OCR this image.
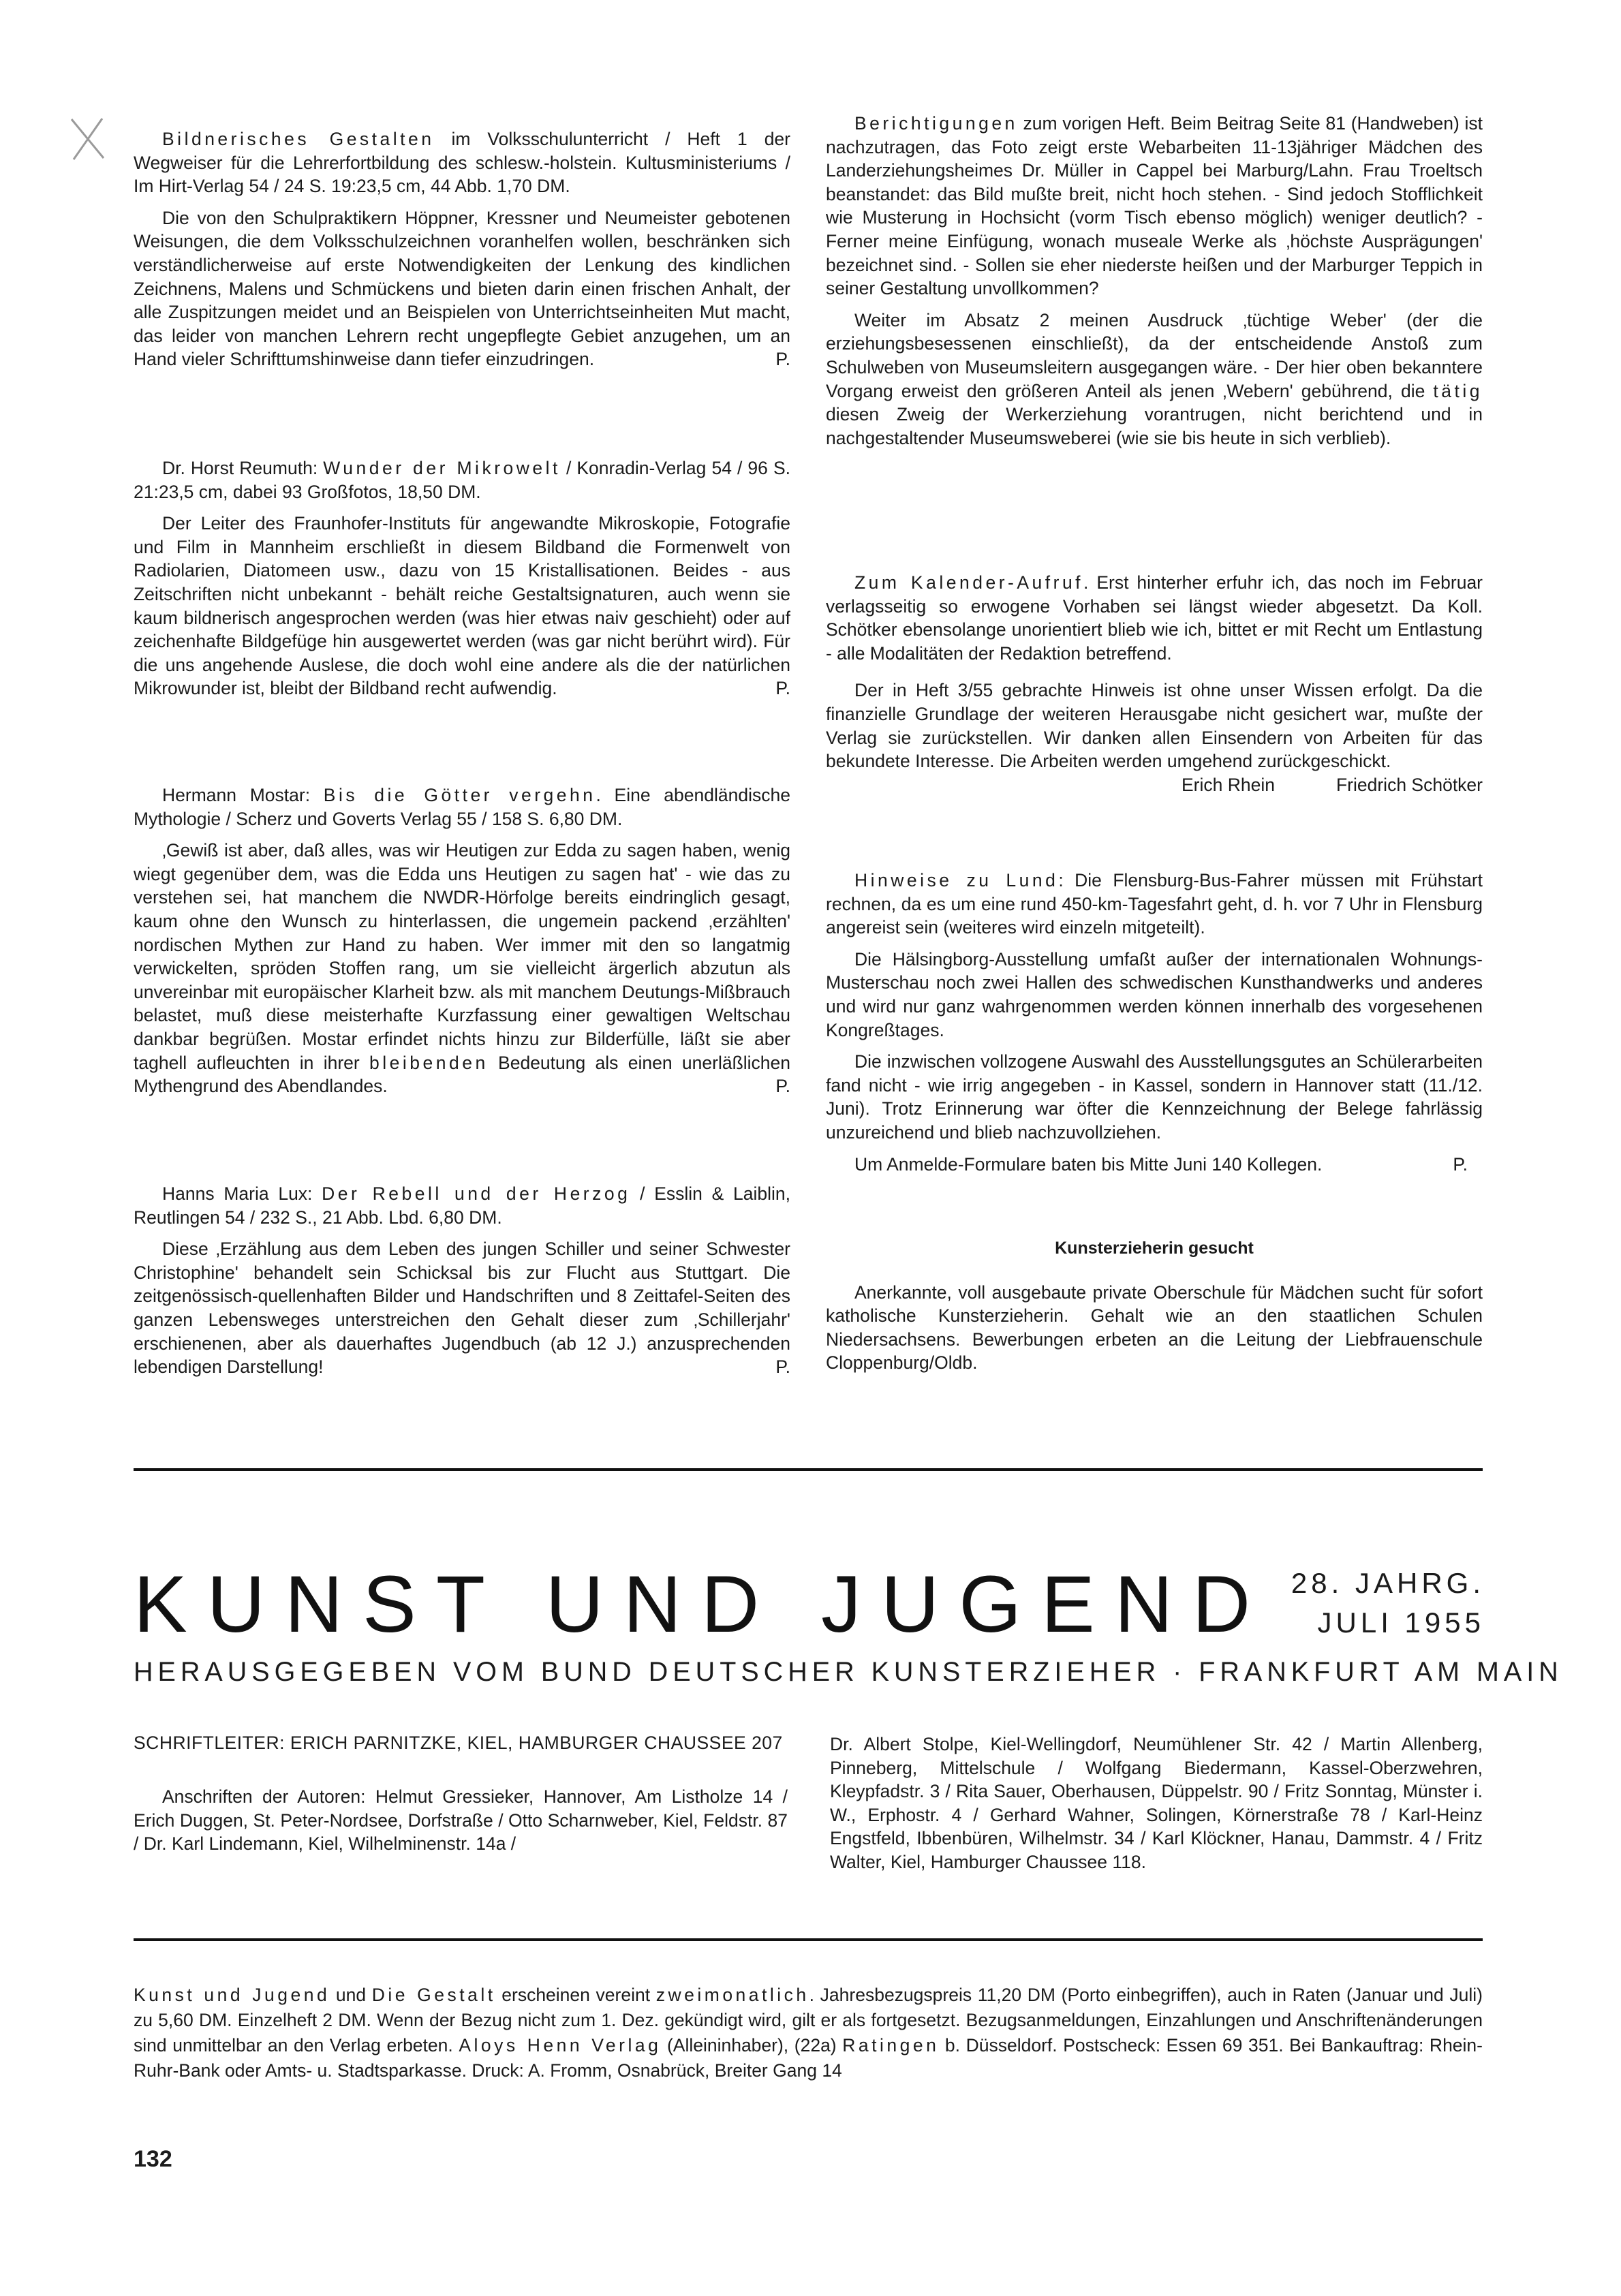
Bildnerisches Gestalten im Volksschulunterricht / Heft 1 der Wegweiser für die Lehrerfortbildung des schlesw.-holstein. Kultusministeriums / Im Hirt-Verlag 54 / 24 S. 19:23,5 cm, 44 Abb. 1,70 DM.

Die von den Schulpraktikern Höppner, Kressner und Neumeister gebotenen Weisungen, die dem Volksschulzeichnen voranhelfen wollen, beschränken sich verständlicherweise auf erste Notwendigkeiten der Lenkung des kindlichen Zeichnens, Malens und Schmückens und bieten darin einen frischen Anhalt, der alle Zuspitzungen meidet und an Beispielen von Unterrichtseinheiten Mut macht, das leider von manchen Lehrern recht ungepflegte Gebiet anzugehen, um an Hand vieler Schrifttumshinweise dann tiefer einzudringen.	P.

Dr. Horst Reumuth: Wunder der Mikrowelt / Konradin-Verlag 54 / 96 S. 21:23,5 cm, dabei 93 Großfotos, 18,50 DM.

Der Leiter des Fraunhofer-Instituts für angewandte Mikroskopie, Fotografie und Film in Mannheim erschließt in diesem Bildband die Formenwelt von Radiolarien, Diatomeen usw., dazu von 15 Kristallisationen. Beides - aus Zeitschriften nicht unbekannt - behält reiche Gestaltsignaturen, auch wenn sie kaum bildnerisch angesprochen werden (was hier etwas naiv geschieht) oder auf zeichenhafte Bildgefüge hin ausgewertet werden (was gar nicht berührt wird). Für die uns angehende Auslese, die doch wohl eine andere als die der natürlichen Mikrowunder ist, bleibt der Bildband recht aufwendig.	P.

Hermann Mostar: Bis die Götter vergehn. Eine abendländische Mythologie / Scherz und Goverts Verlag 55 / 158 S. 6,80 DM.

‚Gewiß ist aber, daß alles, was wir Heutigen zur Edda zu sagen haben, wenig wiegt gegenüber dem, was die Edda uns Heutigen zu sagen hat' - wie das zu verstehen sei, hat manchem die NWDR-Hörfolge bereits eindringlich gesagt, kaum ohne den Wunsch zu hinterlassen, die ungemein packend ‚erzählten' nordischen Mythen zur Hand zu haben. Wer immer mit den so langatmig verwickelten, spröden Stoffen rang, um sie vielleicht ärgerlich abzutun als unvereinbar mit europäischer Klarheit bzw. als mit manchem Deutungs-Mißbrauch belastet, muß diese meisterhafte Kurzfassung einer gewaltigen Weltschau dankbar begrüßen. Mostar erfindet nichts hinzu zur Bilderfülle, läßt sie aber taghell aufleuchten in ihrer bleibenden Bedeutung als einen unerläßlichen Mythengrund des Abendlandes.	P.

Hanns Maria Lux: Der Rebell und der Herzog / Esslin & Laiblin, Reutlingen 54 / 232 S., 21 Abb. Lbd. 6,80 DM.

Diese ‚Erzählung aus dem Leben des jungen Schiller und seiner Schwester Christophine' behandelt sein Schicksal bis zur Flucht aus Stuttgart. Die zeitgenössisch-quellenhaften Bilder und Handschriften und 8 Zeittafel-Seiten des ganzen Lebensweges unterstreichen den Gehalt dieser zum ‚Schillerjahr' erschienenen, aber als dauerhaftes Jugendbuch (ab 12 J.) anzusprechenden lebendigen Darstellung!	P.

Berichtigungen zum vorigen Heft. Beim Beitrag Seite 81 (Handweben) ist nachzutragen, das Foto zeigt erste Webarbeiten 11-13jähriger Mädchen des Landerziehungsheimes Dr. Müller in Cappel bei Marburg/Lahn. Frau Troeltsch beanstandet: das Bild mußte breit, nicht hoch stehen. - Sind jedoch Stofflichkeit wie Musterung in Hochsicht (vorm Tisch ebenso möglich) weniger deutlich? - Ferner meine Einfügung, wonach museale Werke als ‚höchste Ausprägungen' bezeichnet sind. - Sollen sie eher niederste heißen und der Marburger Teppich in seiner Gestaltung unvollkommen?

Weiter im Absatz 2 meinen Ausdruck ‚tüchtige Weber' (der die erziehungsbesessenen einschließt), da der entscheidende Anstoß zum Schulweben von Museumsleitern ausgegangen wäre. - Der hier oben bekanntere Vorgang erweist den größeren Anteil als jenen ‚Webern' gebührend, die tätig diesen Zweig der Werkerziehung vorantrugen, nicht berichtend und in nachgestaltender Museumsweberei (wie sie bis heute in sich verblieb).

Zum Kalender-Aufruf. Erst hinterher erfuhr ich, das noch im Februar verlagsseitig so erwogene Vorhaben sei längst wieder abgesetzt. Da Koll. Schötker ebensolange unorientiert blieb wie ich, bittet er mit Recht um Entlastung - alle Modalitäten der Redaktion betreffend.

Der in Heft 3/55 gebrachte Hinweis ist ohne unser Wissen erfolgt. Da die finanzielle Grundlage der weiteren Herausgabe nicht gesichert war, mußte der Verlag sie zurückstellen. Wir danken allen Einsendern von Arbeiten für das bekundete Interesse. Die Arbeiten werden umgehend zurückgeschickt.
Erich Rhein	Friedrich Schötker

Hinweise zu Lund: Die Flensburg-Bus-Fahrer müssen mit Frühstart rechnen, da es um eine rund 450-km-Tagesfahrt geht, d. h. vor 7 Uhr in Flensburg angereist sein (weiteres wird einzeln mitgeteilt).

Die Hälsingborg-Ausstellung umfaßt außer der internationalen Wohnungs-Musterschau noch zwei Hallen des schwedischen Kunsthandwerks und anderes und wird nur ganz wahrgenommen werden können innerhalb des vorgesehenen Kongreßtages.

Die inzwischen vollzogene Auswahl des Ausstellungsgutes an Schülerarbeiten fand nicht - wie irrig angegeben - in Kassel, sondern in Hannover statt (11./12. Juni). Trotz Erinnerung war öfter die Kennzeichnung der Belege fahrlässig unzureichend und blieb nachzuvollziehen.

Um Anmelde-Formulare baten bis Mitte Juni 140 Kollegen.	P.

Kunsterzieherin gesucht

Anerkannte, voll ausgebaute private Oberschule für Mädchen sucht für sofort katholische Kunsterzieherin. Gehalt wie an den staatlichen Schulen Niedersachsens. Bewerbungen erbeten an die Leitung der Liebfrauenschule Cloppenburg/Oldb.

KUNST UND JUGEND 28. JAHRG.
JULI 1955
HERAUSGEGEBEN VOM BUND DEUTSCHER KUNSTERZIEHER · FRANKFURT AM MAIN
SCHRIFTLEITER: ERICH PARNITZKE, KIEL, HAMBURGER CHAUSSEE 207
Anschriften der Autoren: Helmut Gressieker, Hannover, Am Listholze 14 / Erich Duggen, St. Peter-Nordsee, Dorfstraße / Otto Scharnweber, Kiel, Feldstr. 87 / Dr. Karl Lindemann, Kiel, Wilhelminenstr. 14a /
Dr. Albert Stolpe, Kiel-Wellingdorf, Neumühlener Str. 42 / Martin Allenberg, Pinneberg, Mittelschule / Wolfgang Biedermann, Kassel-Oberzwehren, Kleypfadstr. 3 / Rita Sauer, Oberhausen, Düppelstr. 90 / Fritz Sonntag, Münster i. W., Erphostr. 4 / Gerhard Wahner, Solingen, Körnerstraße 78 / Karl-Heinz Engstfeld, Ibbenbüren, Wilhelmstr. 34 / Karl Klöckner, Hanau, Dammstr. 4 / Fritz Walter, Kiel, Hamburger Chaussee 118.
Kunst und Jugend und Die Gestalt erscheinen vereint zweimonatlich. Jahresbezugspreis 11,20 DM (Porto einbegriffen), auch in Raten (Januar und Juli) zu 5,60 DM. Einzelheft 2 DM. Wenn der Bezug nicht zum 1. Dez. gekündigt wird, gilt er als fortgesetzt. Bezugsanmeldungen, Einzahlungen und Anschriftenänderungen sind unmittelbar an den Verlag erbeten. Aloys Henn Verlag (Alleininhaber), (22a) Ratingen b. Düsseldorf. Postscheck: Essen 69 351. Bei Bankauftrag: Rhein-Ruhr-Bank oder Amts- u. Stadtsparkasse. Druck: A. Fromm, Osnabrück, Breiter Gang 14
132
